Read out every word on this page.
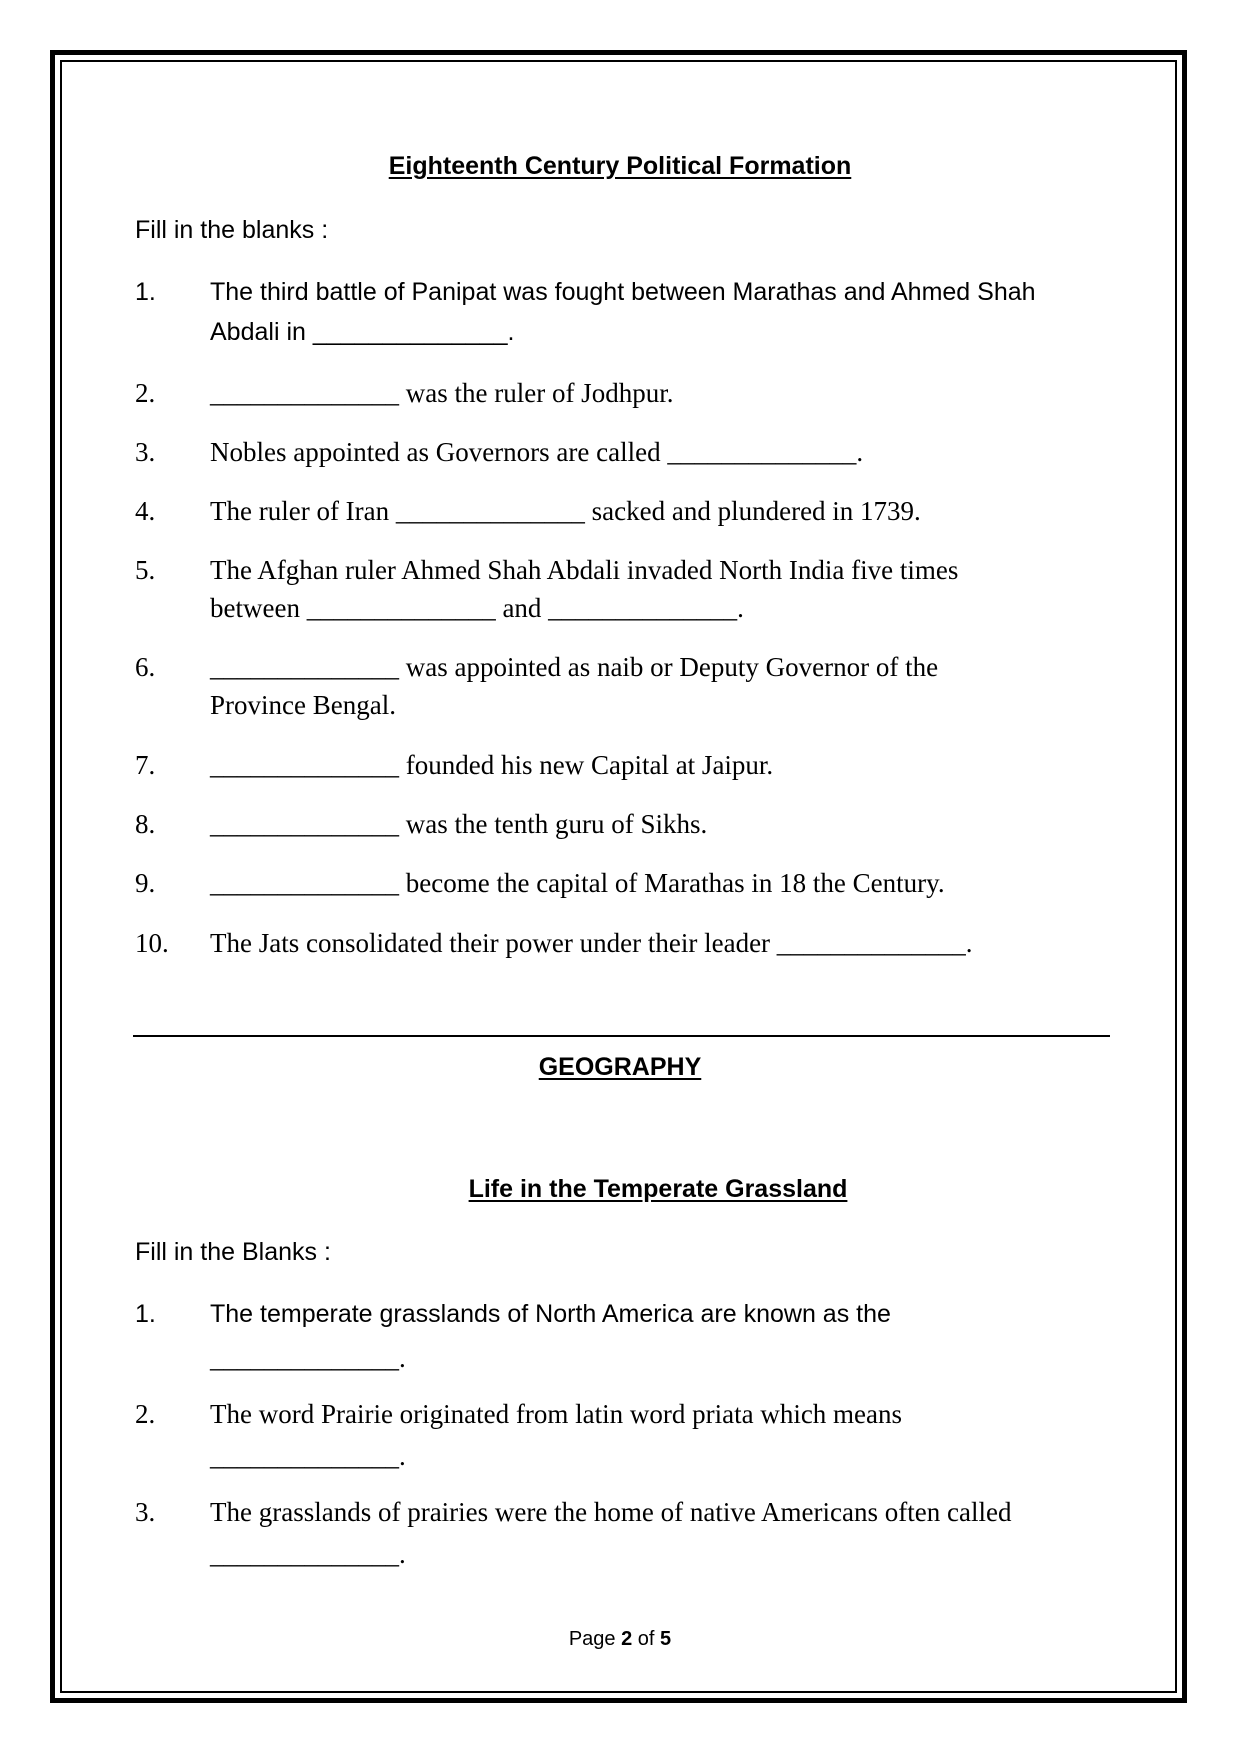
Eighteenth Century Political Formation
Fill in the blanks :
1. The third battle of Panipat was fought between Marathas and Ahmed Shah
Abdali in ______________.
2. ______________ was the ruler of Jodhpur.
3. Nobles appointed as Governors are called ______________.
4. The ruler of Iran ______________ sacked and plundered in 1739.
5. The Afghan ruler Ahmed Shah Abdali invaded North India five times
between ______________ and ______________.
6. ______________ was appointed as naib or Deputy Governor of the
Province Bengal.
7. ______________ founded his new Capital at Jaipur.
8. ______________ was the tenth guru of Sikhs.
9. ______________ become the capital of Marathas in 18 the Century.
10. The Jats consolidated their power under their leader ______________.
GEOGRAPHY
Life in the Temperate Grassland
Fill in the Blanks :
1. The temperate grasslands of North America are known as the
______________.
2. The word Prairie originated from latin word priata which means
______________.
3. The grasslands of prairies were the home of native Americans often called
______________.
Page 2 of 5
